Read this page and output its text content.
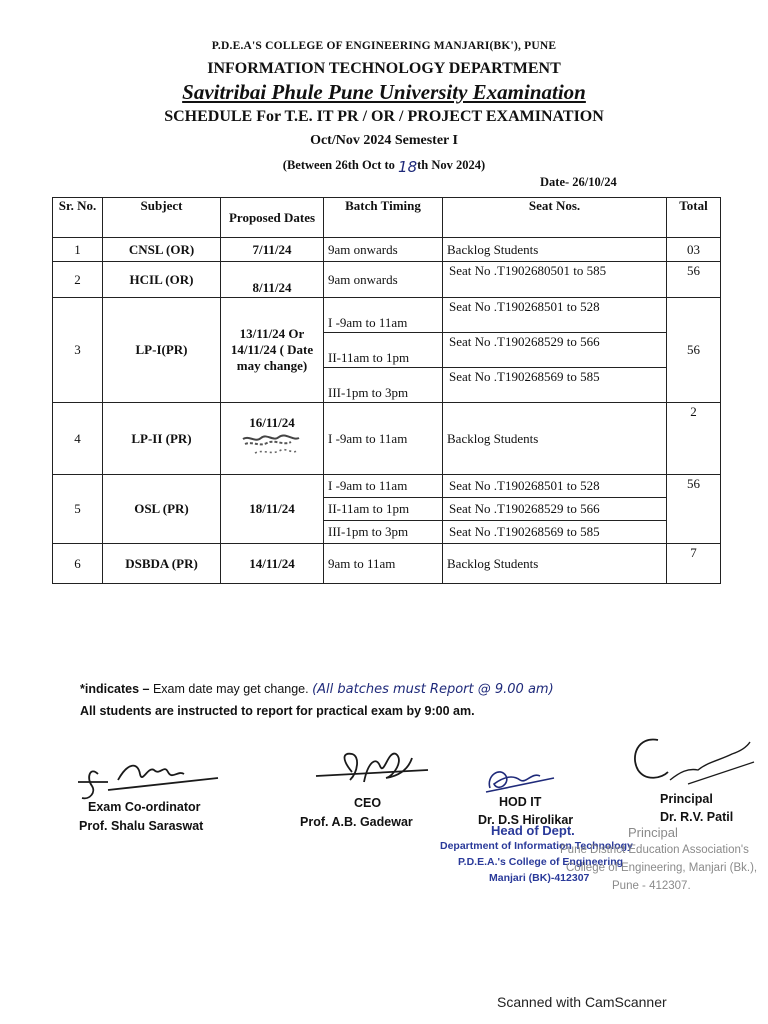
P.D.E.A'S COLLEGE OF ENGINEERING MANJARI(BK'), PUNE
INFORMATION TECHNOLOGY DEPARTMENT
Savitribai Phule Pune University Examination
SCHEDULE For T.E. IT PR / OR / PROJECT EXAMINATION
Oct/Nov 2024 Semester I
(Between 26th Oct to 18th Nov 2024)
Date- 26/10/24
Sr. No.	Subject	Proposed Dates	Batch Timing	Seat Nos.	Total
1	CNSL (OR)	7/11/24	9am onwards	Backlog Students	03
2	HCIL (OR)	8/11/24	9am onwards	Seat No .T1902680501 to 585	56
3	LP-I(PR)	13/11/24 Or 14/11/24 ( Date may change)	I -9am to 11am	Seat No .T190268501 to 528	56
			II-11am to 1pm	Seat No .T190268529 to 566	
			III-1pm to 3pm	Seat No .T190268569 to 585	
4	LP-II (PR)	16/11/24	I -9am to 11am	Backlog Students	2
5	OSL (PR)	18/11/24	I -9am to 11am	Seat No .T190268501 to 528	56
			II-11am to 1pm	Seat No .T190268529 to 566	
			III-1pm to 3pm	Seat No .T190268569 to 585	
6	DSBDA (PR)	14/11/24	9am to 11am	Backlog Students	7
*indicates – Exam date may get change. (All batches must Report @ 9.00 am)
All students are instructed to report for practical exam by 9:00 am.
Exam Co-ordinator
Prof. Shalu Saraswat
CEO
Prof. A.B. Gadewar
HOD IT
Dr. D.S Hirolikar
Principal
Dr. R.V. Patil
Head of Dept.
Department of Information Technology
P.D.E.A.'s College of Engineering
Manjari (BK)-412307
Principal
Pune District Education Association's
College of Engineering, Manjari (Bk.),
Pune - 412307.
Scanned with CamScanner
